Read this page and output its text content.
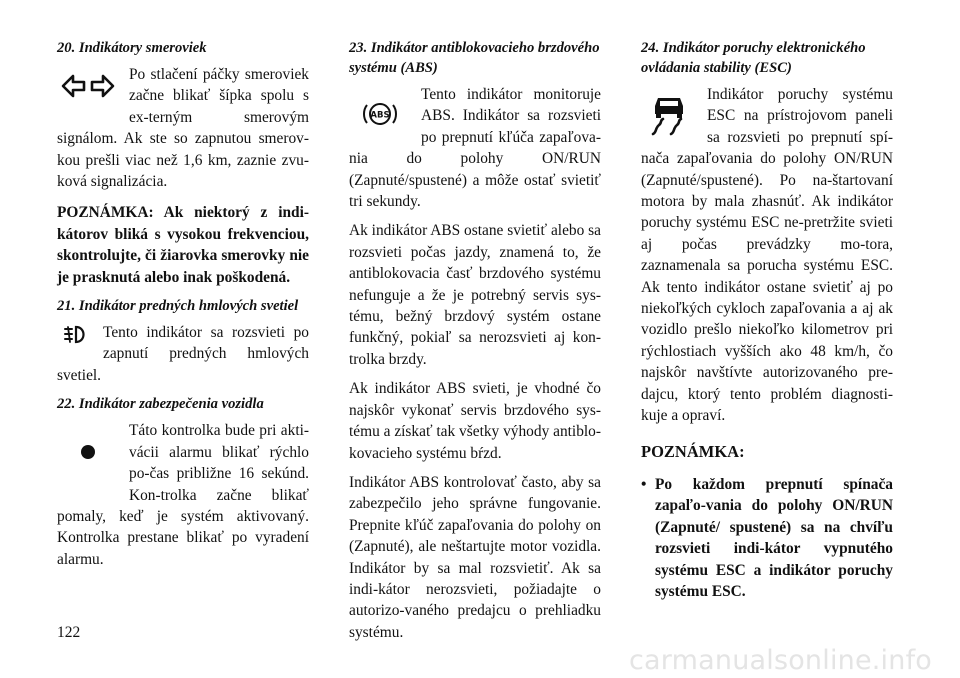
20. Indikátory smeroviek
Po stlačení páčky smeroviek začne blikať šípka spolu s ex-terným smerovým signálom. Ak ste so zapnutou smerov-kou prešli viac než 1,6 km, zaznie zvu-ková signalizácia.
POZNÁMKA: Ak niektorý z indi-kátorov bliká s vysokou frekvenciou, skontrolujte, či žiarovka smerovky nie je prasknutá alebo inak poškodená.
21. Indikátor predných hmlových svetiel
Tento indikátor sa rozsvieti po zapnutí predných hmlových svetiel.
22. Indikátor zabezpečenia vozidla
Táto kontrolka bude pri akti-vácii alarmu blikať rýchlo po-čas približne 16 sekúnd. Kon-trolka začne blikať pomaly, keď je systém aktivovaný. Kontrolka prestane blikať po vyradení alarmu.
23. Indikátor antiblokovacieho brzdového systému (ABS)
ABS
Tento indikátor monitoruje ABS. Indikátor sa rozsvieti po prepnutí kľúča zapaľova-nia do polohy ON/RUN (Zapnuté/spustené) a môže ostať svietiť tri sekundy.
Ak indikátor ABS ostane svietiť alebo sa rozsvieti počas jazdy, znamená to, že antiblokovacia časť brzdového systému nefunguje a že je potrebný servis sys-tému, bežný brzdový systém ostane funkčný, pokiaľ sa nerozsvieti aj kon-trolka brzdy.
Ak indikátor ABS svieti, je vhodné čo najskôr vykonať servis brzdového sys-tému a získať tak všetky výhody antiblo-kovacieho systému bŕzd.
Indikátor ABS kontrolovať často, aby sa zabezpečilo jeho správne fungovanie. Prepnite kľúč zapaľovania do polohy on (Zapnuté), ale neštartujte motor vozidla. Indikátor by sa mal rozsvietiť. Ak sa indi-kátor nerozsvieti, požiadajte o autorizo-vaného predajcu o prehliadku systému.
24. Indikátor poruchy elektronického ovládania stability (ESC)
Indikátor poruchy systému ESC na prístrojovom paneli sa rozsvieti po prepnutí spí-nača zapaľovania do polohy ON/RUN (Zapnuté/spustené). Po na-štartovaní motora by mala zhasnúť. Ak indikátor poruchy systému ESC ne-pretržite svieti aj počas prevádzky mo-tora, zaznamenala sa porucha systému ESC. Ak tento indikátor ostane svietiť aj po niekoľkých cykloch zapaľovania a aj ak vozidlo prešlo niekoľko kilometrov pri rýchlostiach vyšších ako 48 km/h, čo najskôr navštívte autorizovaného pre-dajcu, ktorý tento problém diagnosti-kuje a opraví.
POZNÁMKA:
• Po každom prepnutí spínača zapaľo-vania do polohy ON/RUN (Zapnuté/ spustené) sa na chvíľu rozsvieti indi-kátor vypnutého systému ESC a indikátor poruchy systému ESC.
122
carmanualsonline.info
